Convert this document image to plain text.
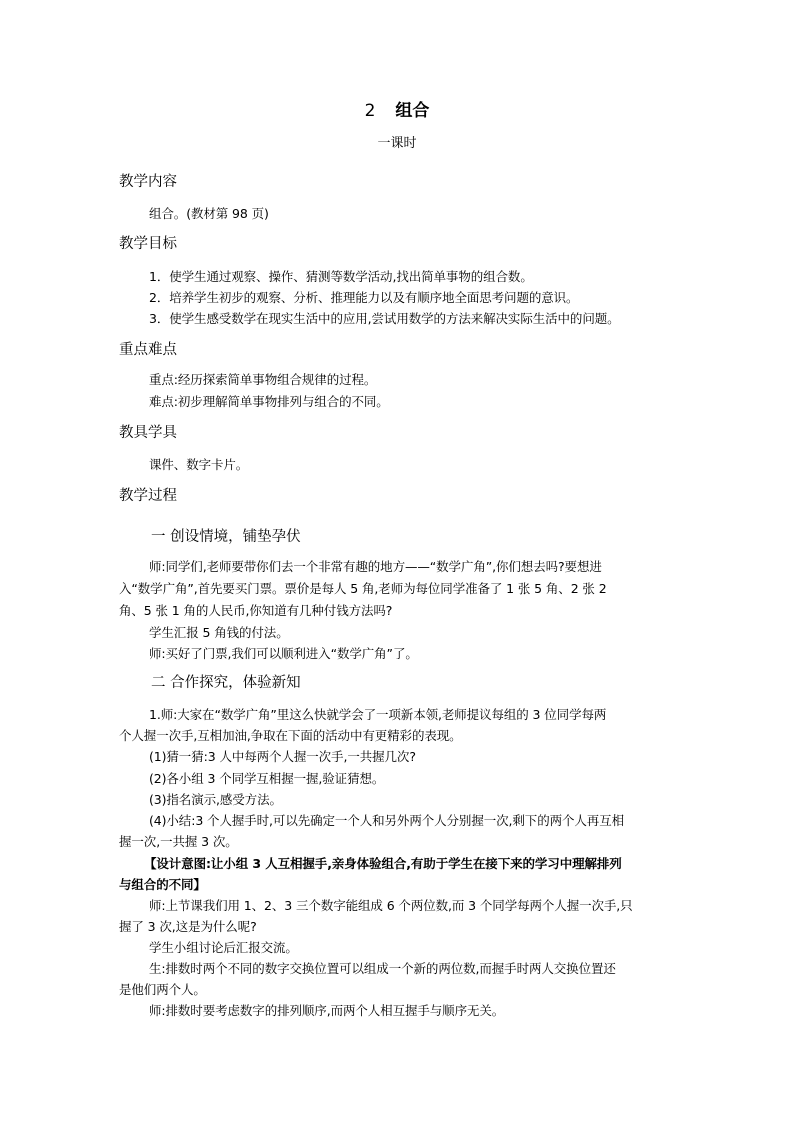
2 组合
一课时
教学内容
组合。(教材第 98 页)
教学目标
1．使学生通过观察、操作、猜测等数学活动,找出简单事物的组合数。
2．培养学生初步的观察、分析、推理能力以及有顺序地全面思考问题的意识。
3．使学生感受数学在现实生活中的应用,尝试用数学的方法来解决实际生活中的问题。
重点难点
重点:经历探索简单事物组合规律的过程。
难点:初步理解简单事物排列与组合的不同。
教具学具
课件、数字卡片。
教学过程
一 创设情境，铺垫孕伏
师:同学们,老师要带你们去一个非常有趣的地方——“数学广角”,你们想去吗?要想进
入“数学广角”,首先要买门票。票价是每人 5 角,老师为每位同学准备了 1 张 5 角、2 张 2
角、5 张 1 角的人民币,你知道有几种付钱方法吗?
学生汇报 5 角钱的付法。
师:买好了门票,我们可以顺利进入“数学广角”了。
二 合作探究，体验新知
1.师:大家在“数学广角”里这么快就学会了一项新本领,老师提议每组的 3 位同学每两
个人握一次手,互相加油,争取在下面的活动中有更精彩的表现。
(1)猜一猜:3 人中每两个人握一次手,一共握几次?
(2)各小组 3 个同学互相握一握,验证猜想。
(3)指名演示,感受方法。
(4)小结:3 个人握手时,可以先确定一个人和另外两个人分别握一次,剩下的两个人再互相
握一次,一共握 3 次。
【设计意图:让小组 3 人互相握手,亲身体验组合,有助于学生在接下来的学习中理解排列
与组合的不同】
师:上节课我们用 1、2、3 三个数字能组成 6 个两位数,而 3 个同学每两个人握一次手,只
握了 3 次,这是为什么呢?
学生小组讨论后汇报交流。
生:排数时两个不同的数字交换位置可以组成一个新的两位数,而握手时两人交换位置还
是他们两个人。
师:排数时要考虑数字的排列顺序,而两个人相互握手与顺序无关。
